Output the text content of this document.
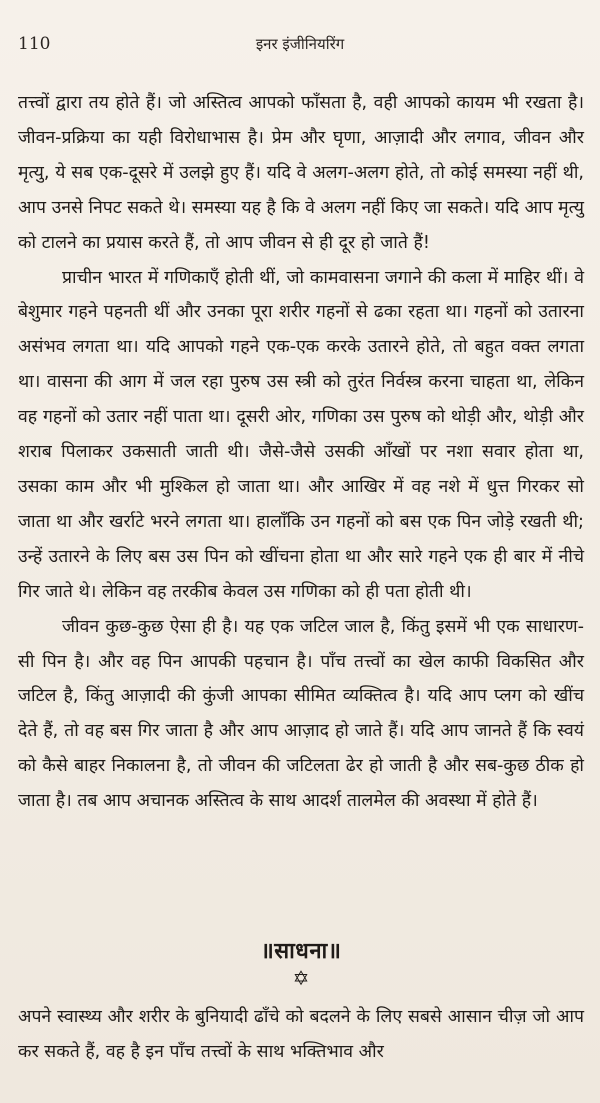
110	इनर इंजीनियरिंग

तत्त्वों द्वारा तय होते हैं। जो अस्तित्व आपको फाँसता है, वही आपको कायम भी रखता है। जीवन-प्रक्रिया का यही विरोधाभास है। प्रेम और घृणा, आज़ादी और लगाव, जीवन और मृत्यु, ये सब एक-दूसरे में उलझे हुए हैं। यदि वे अलग-अलग होते, तो कोई समस्या नहीं थी, आप उनसे निपट सकते थे। समस्या यह है कि वे अलग नहीं किए जा सकते। यदि आप मृत्यु को टालने का प्रयास करते हैं, तो आप जीवन से ही दूर हो जाते हैं!

प्राचीन भारत में गणिकाएँ होती थीं, जो कामवासना जगाने की कला में माहिर थीं। वे बेशुमार गहने पहनती थीं और उनका पूरा शरीर गहनों से ढका रहता था। गहनों को उतारना असंभव लगता था। यदि आपको गहने एक-एक करके उतारने होते, तो बहुत वक्त लगता था। वासना की आग में जल रहा पुरुष उस स्त्री को तुरंत निर्वस्त्र करना चाहता था, लेकिन वह गहनों को उतार नहीं पाता था। दूसरी ओर, गणिका उस पुरुष को थोड़ी और, थोड़ी और शराब पिलाकर उकसाती जाती थी। जैसे-जैसे उसकी आँखों पर नशा सवार होता था, उसका काम और भी मुश्किल हो जाता था। और आखिर में वह नशे में धुत्त गिरकर सो जाता था और खर्राटे भरने लगता था। हालाँकि उन गहनों को बस एक पिन जोड़े रखती थी; उन्हें उतारने के लिए बस उस पिन को खींचना होता था और सारे गहने एक ही बार में नीचे गिर जाते थे। लेकिन वह तरकीब केवल उस गणिका को ही पता होती थी।

जीवन कुछ-कुछ ऐसा ही है। यह एक जटिल जाल है, किंतु इसमें भी एक साधारण-सी पिन है। और वह पिन आपकी पहचान है। पाँच तत्त्वों का खेल काफी विकसित और जटिल है, किंतु आज़ादी की कुंजी आपका सीमित व्यक्तित्व है। यदि आप प्लग को खींच देते हैं, तो वह बस गिर जाता है और आप आज़ाद हो जाते हैं। यदि आप जानते हैं कि स्वयं को कैसे बाहर निकालना है, तो जीवन की जटिलता ढेर हो जाती है और सब-कुछ ठीक हो जाता है। तब आप अचानक अस्तित्व के साथ आदर्श तालमेल की अवस्था में होते हैं।

॥साधना॥
✡

अपने स्वास्थ्य और शरीर के बुनियादी ढाँचे को बदलने के लिए सबसे आसान चीज़ जो आप कर सकते हैं, वह है इन पाँच तत्त्वों के साथ भक्तिभाव और
